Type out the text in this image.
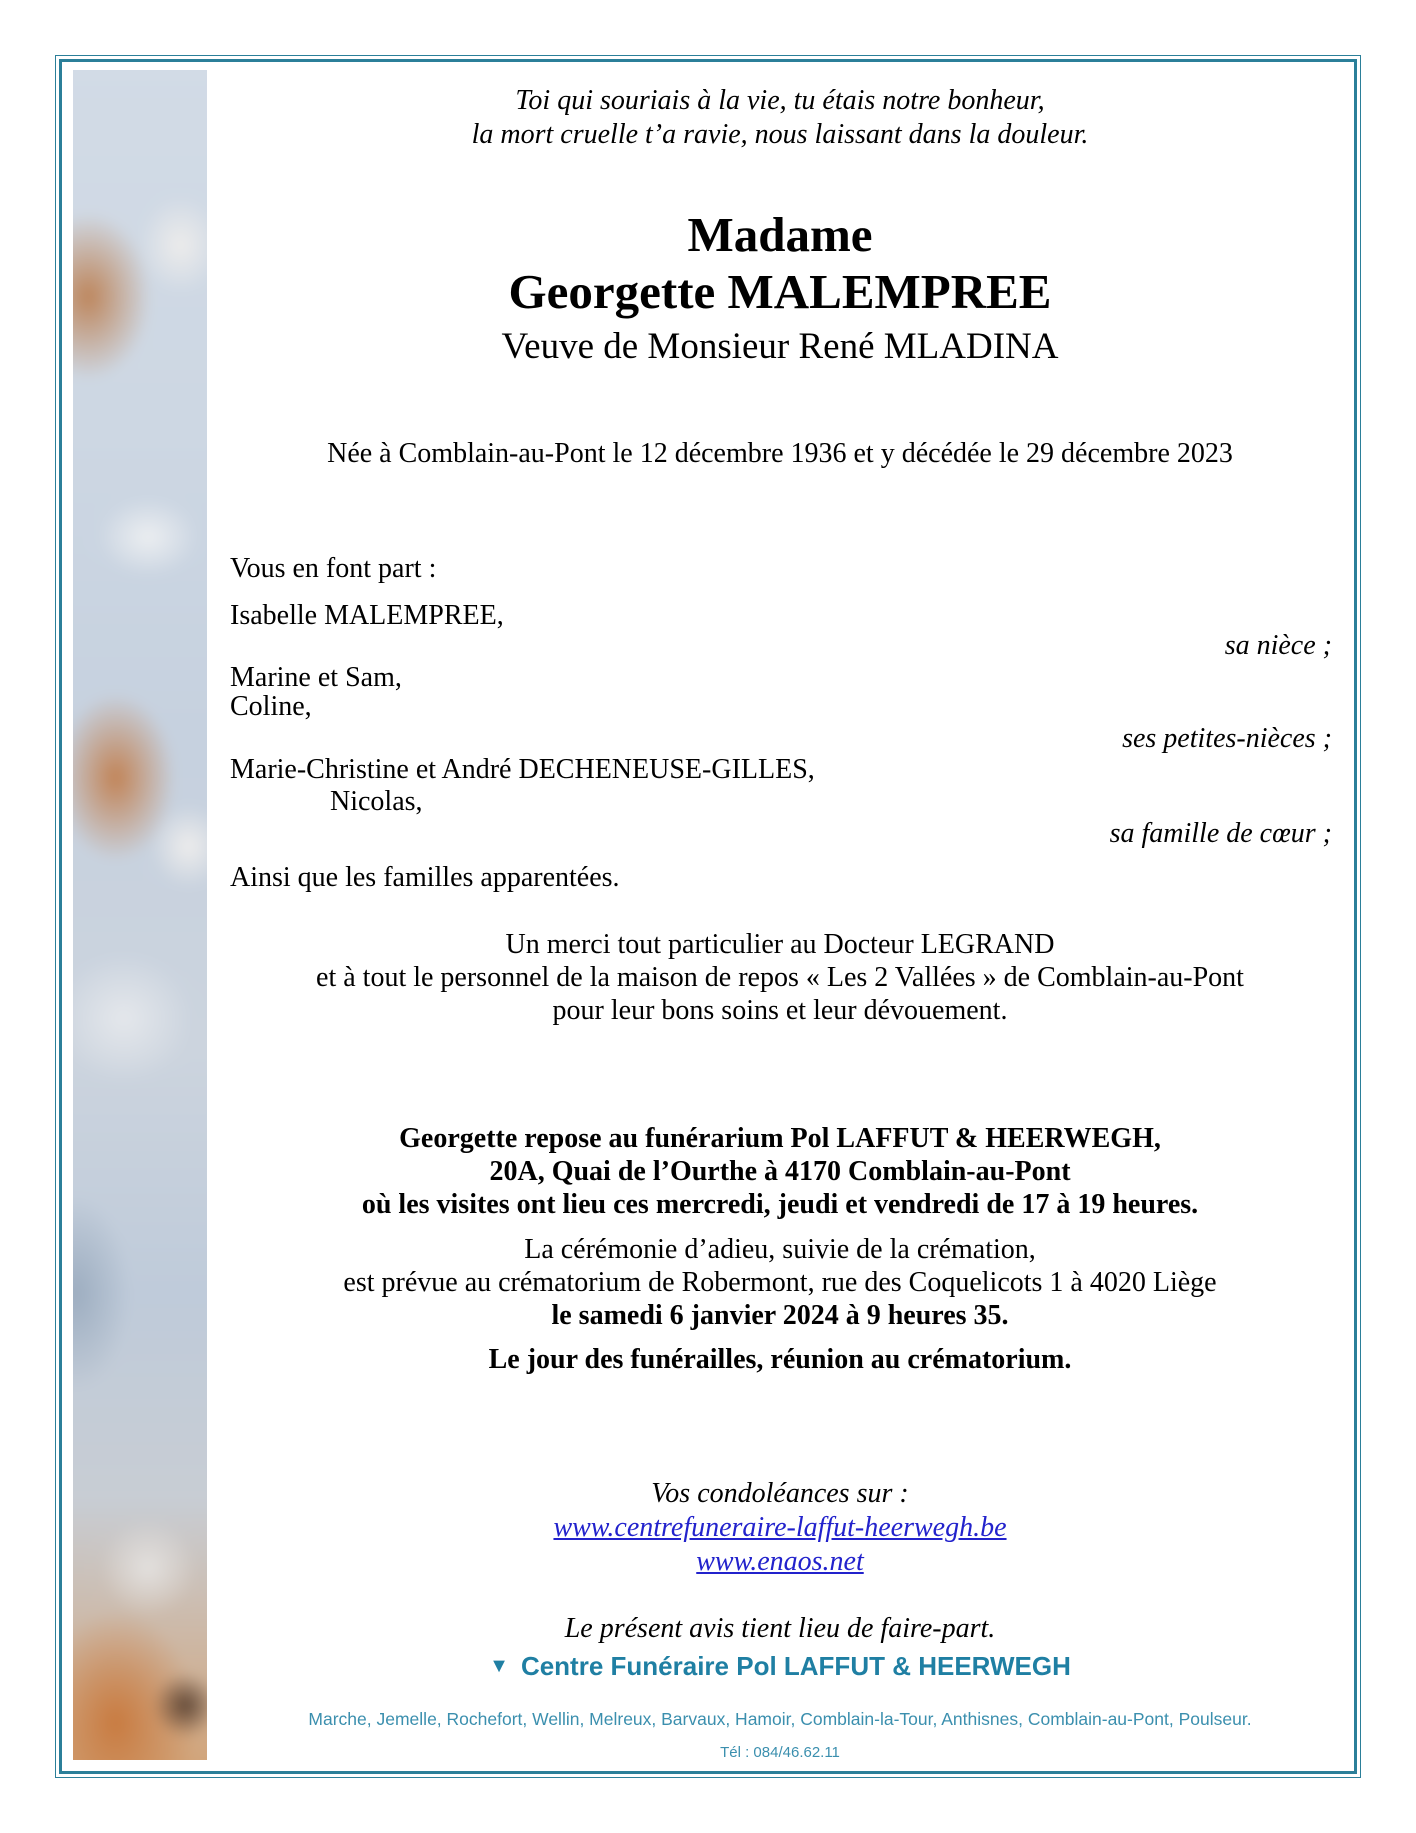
Toi qui souriais à la vie, tu étais notre bonheur,
la mort cruelle t’a ravie, nous laissant dans la douleur.
Madame
Georgette MALEMPREE
Veuve de Monsieur René MLADINA
Née à Comblain-au-Pont le 12 décembre 1936 et y décédée le 29 décembre 2023
Vous en font part :
Isabelle MALEMPREE,
sa nièce ;
Marine et Sam,
Coline,
ses petites-nièces ;
Marie-Christine et André DECHENEUSE-GILLES,
Nicolas,
sa famille de cœur ;
Ainsi que les familles apparentées.
Un merci tout particulier au Docteur LEGRAND
et à tout le personnel de la maison de repos « Les 2 Vallées » de Comblain-au-Pont
pour leur bons soins et leur dévouement.
Georgette repose au funérarium Pol LAFFUT & HEERWEGH,
20A, Quai de l’Ourthe à 4170 Comblain-au-Pont
où les visites ont lieu ces mercredi, jeudi et vendredi de 17 à 19 heures.
La cérémonie d’adieu, suivie de la crémation,
est prévue au crématorium de Robermont, rue des Coquelicots 1 à 4020 Liège
le samedi 6 janvier 2024 à 9 heures 35.
Le jour des funérailles, réunion au crématorium.
Vos condoléances sur :
www.centrefuneraire-laffut-heerwegh.be
www.enaos.net
Le présent avis tient lieu de faire-part.
▼ Centre Funéraire Pol LAFFUT & HEERWEGH
Marche, Jemelle, Rochefort, Wellin, Melreux, Barvaux, Hamoir, Comblain-la-Tour, Anthisnes, Comblain-au-Pont, Poulseur.
Tél : 084/46.62.11
